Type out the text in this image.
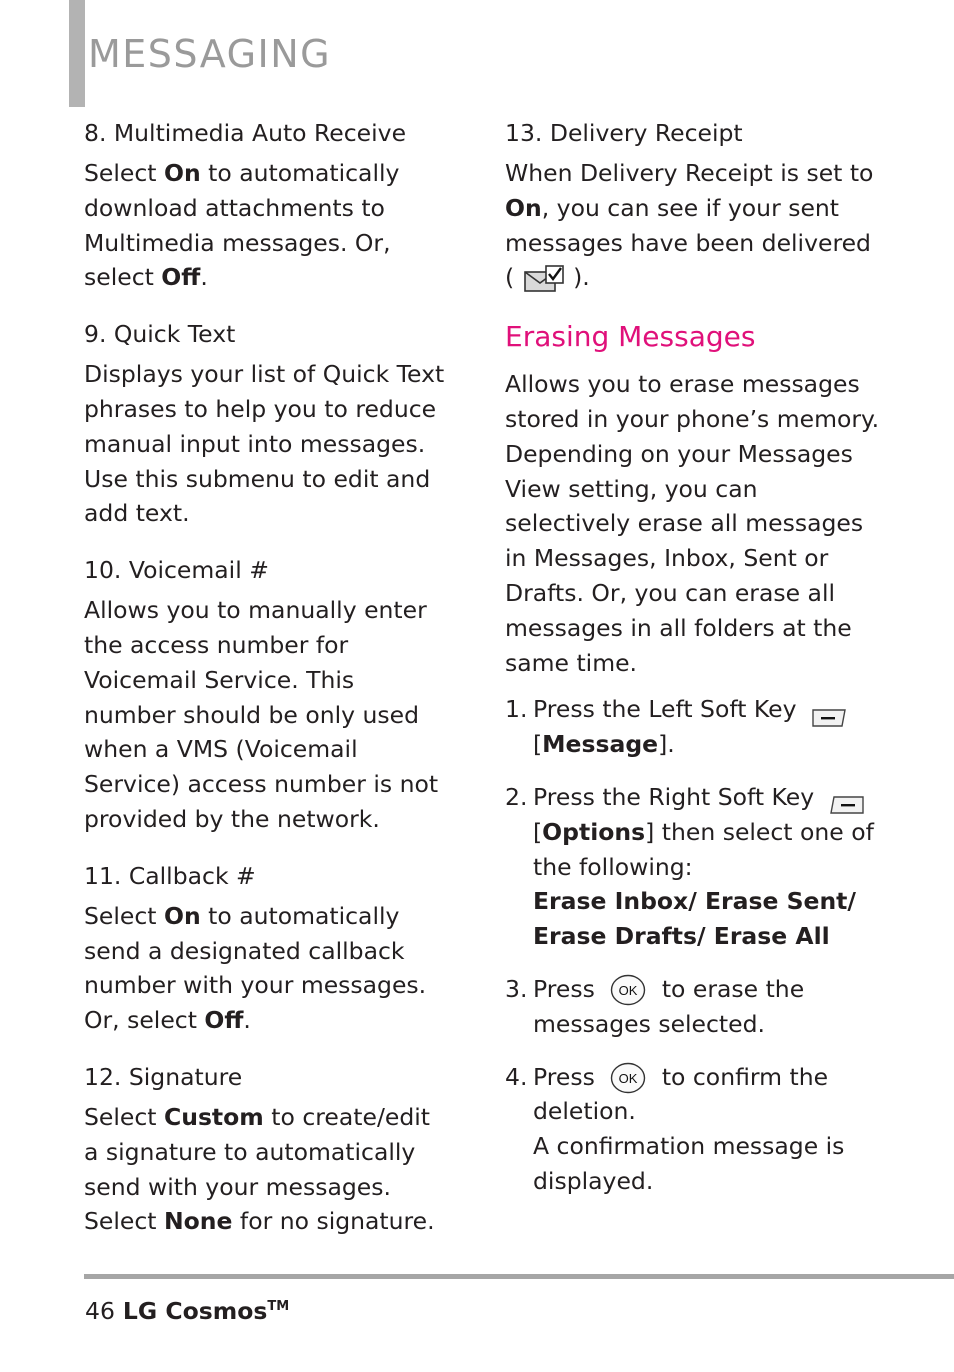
MESSAGING
8. Multimedia Auto Receive

Select On to automatically download attachments to Multimedia messages. Or, select Off.

9. Quick Text

Displays your list of Quick Text phrases to help you to reduce manual input into messages. Use this submenu to edit and add text.

10. Voicemail #

Allows you to manually enter the access number for Voicemail Service. This number should be only used when a VMS (Voicemail Service) access number is not provided by the network.

11. Callback #

Select On to automatically send a designated callback number with your messages. Or, select Off.

12. Signature

Select Custom to create/edit a signature to automatically send with your messages. Select None for no signature.

13. Delivery Receipt

When Delivery Receipt is set to On, you can see if your sent messages have been delivered
(	).

Erasing Messages

Allows you to erase messages stored in your phone’s memory. Depending on your Messages View setting, you can selectively erase all messages in Messages, Inbox, Sent or Drafts. Or, you can erase all messages in all folders at the same time.

1. Press the Left Soft Key
[Message].
2. Press the Right Soft Key
[Options] then select one of the following:
Erase Inbox/ Erase Sent/ Erase Drafts/ Erase All
3. Press OK to erase the messages selected.
4. Press OK to confirm the deletion.
A confirmation message is displayed.
46 LG Cosmos™
